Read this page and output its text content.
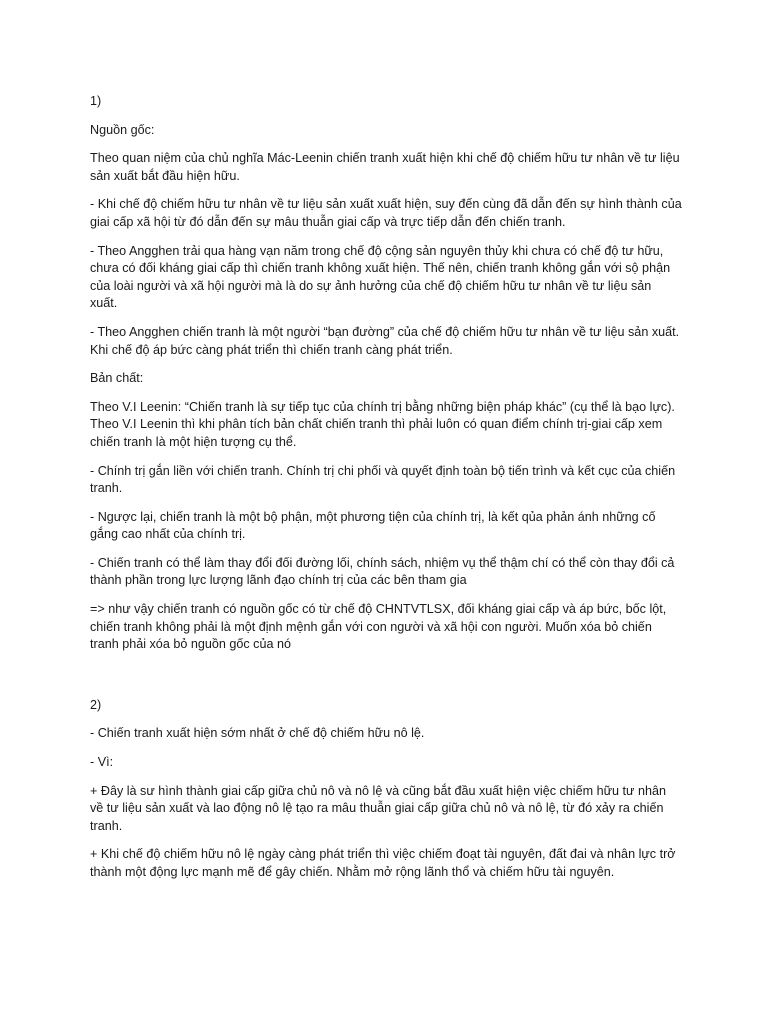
1)

Nguồn gốc:

Theo quan niệm của chủ nghĩa Mác-Leenin chiến tranh xuất hiện khi chế độ chiếm hữu tư nhân về tư liệu sản xuất bắt đầu hiện hữu.

- Khi chế độ chiếm hữu tư nhân về tư liệu sản xuất xuất hiện, suy đến cùng đã dẫn đến sự hình thành của giai cấp xã hội từ đó dẫn đến sự mâu thuẫn giai cấp và trực tiếp dẫn đến chiến tranh.

- Theo Angghen trải qua hàng vạn năm trong chế độ cộng sản nguyên thủy khi chưa có chế độ tư hữu, chưa có đối kháng giai cấp thì chiến tranh không xuất hiện. Thế nên, chiến tranh không gắn với sộ phận của loài người và xã hội người mà là do sự ảnh hưởng của chế độ chiếm hữu tư nhân về tư liệu sản xuất.

- Theo Angghen chiến tranh là một người “bạn đường” của chế độ chiếm hữu tư nhân về tư liệu sản xuất. Khi chế độ áp bức càng phát triển thì chiến tranh càng phát triển.

Bản chất:

Theo V.I Leenin: “Chiến tranh là sự tiếp tục của chính trị bằng những biện pháp khác” (cụ thể là bạo lực). Theo V.I Leenin thì khi phân tích bản chất chiến tranh thì phải luôn có quan điểm chính trị-giai cấp xem chiến tranh là một hiện tượng cụ thể.

- Chính trị gắn liền với chiến tranh. Chính trị chi phối và quyết định toàn bộ tiến trình và kết cục của chiến tranh.

- Ngược lại, chiến tranh là một bộ phận, một phương tiện của chính trị, là kết qủa phản ánh những cố gắng cao nhất của chính trị.

- Chiến tranh có thể làm thay đổi đối đường lối, chính sách, nhiệm vụ thể thậm chí có thể còn thay đổi cả thành phần trong lực lượng lãnh đạo chính trị của các bên tham gia

=> như vậy chiến tranh có nguồn gốc có từ chế độ CHNTVTLSX, đối kháng giai cấp và áp bức, bốc lột, chiến tranh không phải là một định mệnh gắn với con người và xã hội con người. Muốn xóa bỏ chiến tranh phải xóa bỏ nguồn gốc của nó

2)

- Chiến tranh xuất hiện sớm nhất ở chế độ chiếm hữu nô lệ.

- Vì:

+ Đây là sư hình thành giai cấp giữa chủ nô và nô lệ và cũng bắt đầu xuất hiện việc chiếm hữu tư nhân về tư liệu sản xuất và lao động nô lệ tạo ra mâu thuẫn giai cấp giữa chủ nô và nô lệ, từ đó xảy ra chiến tranh.

+ Khi chế độ chiếm hữu nô lệ ngày càng phát triển thì việc chiếm đoạt tài nguyên, đất đai và nhân lực trở thành một động lực mạnh mẽ để gây chiến. Nhằm mở rộng lãnh thổ và chiếm hữu tài nguyên.
